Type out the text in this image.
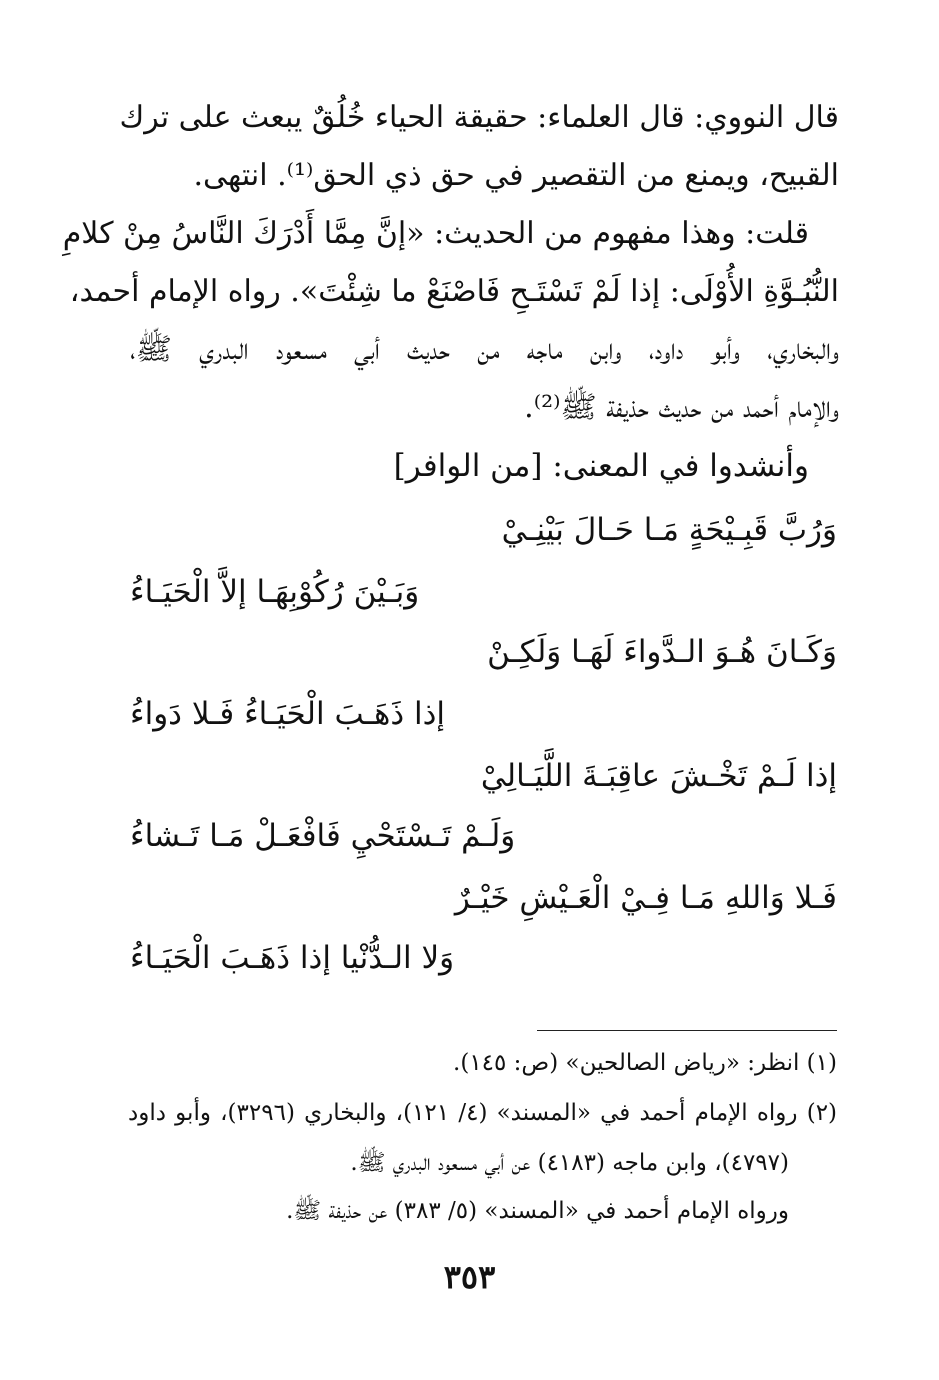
قال النووي: قال العلماء: حقيقة الحياء خُلُقٌ يبعث على ترك
القبيح، ويمنع من التقصير في حق ذي الحق⁽¹⁾. انتهى.
قلت: وهذا مفهوم من الحديث: «إنَّ مِمَّا أَدْرَكَ النَّاسُ مِنْ كلامِ
النُّبُـوَّةِ الأُوْلَى: إذا لَمْ تَسْتَـحِ فَاصْنَعْ ما شِئْتَ». رواه الإمام أحمد،
والبخاري، وأبو داود، وابن ماجه من حديث أبي مسعود البدري ﷺ،
والإمام أحمد من حديث حذيفة ﷺ⁽²⁾.
وأنشدوا في المعنى: [من الوافر]
وَرُبَّ قَبِـيْحَةٍ مَـا حَـالَ بَيْنِـيْ
وَبَـيْنَ رُكُوْبِهَـا إلاَّ الْحَيَـاءُ
وَكَـانَ هُـوَ الـدَّواءَ لَهَـا وَلَكِـنْ
إذا ذَهَـبَ الْحَيَـاءُ فَـلا دَواءُ
إذا لَـمْ تَخْـشَ عاقِبَـةَ اللَّيَـالِيْ
وَلَـمْ تَـسْتَحْيِ فَافْعَـلْ مَـا تَـشاءُ
فَـلا وَاللهِ مَـا فِـيْ الْعَـيْشِ خَيْـرٌ
وَلا الـدُّنْيا إذا ذَهَـبَ الْحَيَـاءُ
(١) انظر: «رياض الصالحين» (ص: ١٤٥).
(٢) رواه الإمام أحمد في «المسند» (٤/ ١٢١)، والبخاري (٣٢٩٦)، وأبو داود
(٤٧٩٧)، وابن ماجه (٤١٨٣) عن أبي مسعود البدري ﷺ.
ورواه الإمام أحمد في «المسند» (٥/ ٣٨٣) عن حذيفة ﷺ.
٣٥٣
